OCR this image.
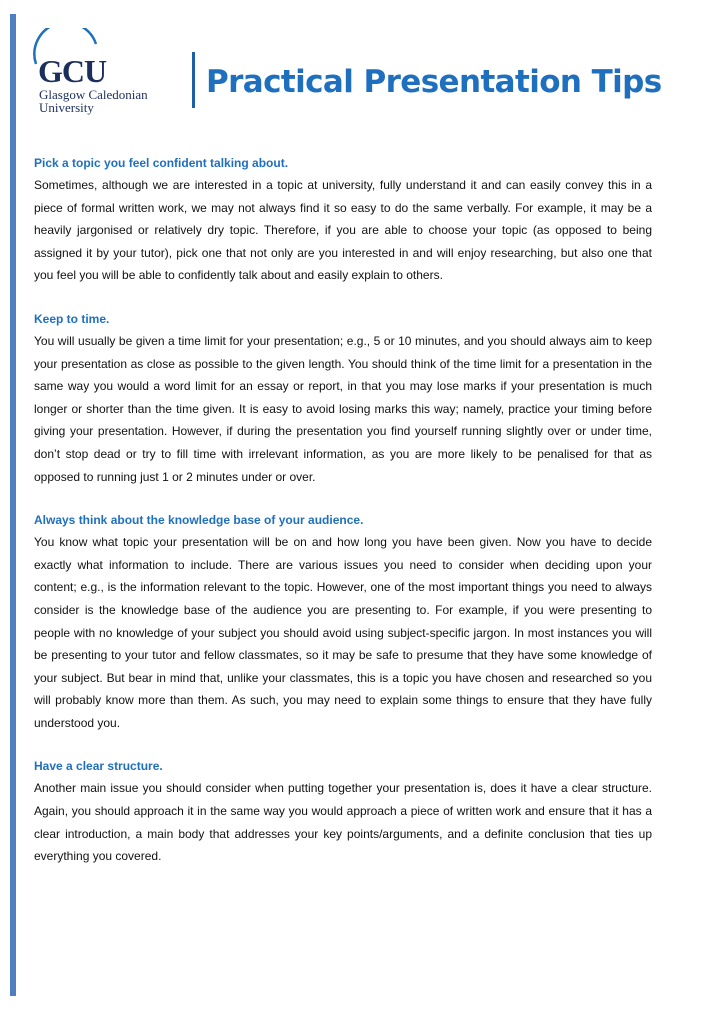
GCU
Glasgow Caledonian
University
Practical Presentation Tips

Pick a topic you feel confident talking about.

Sometimes, although we are interested in a topic at university, fully understand it and can easily convey this in a piece of formal written work, we may not always find it so easy to do the same verbally. For example, it may be a heavily jargonised or relatively dry topic. Therefore, if you are able to choose your topic (as opposed to being assigned it by your tutor), pick one that not only are you interested in and will enjoy researching, but also one that you feel you will be able to confidently talk about and easily explain to others.

Keep to time.

You will usually be given a time limit for your presentation; e.g., 5 or 10 minutes, and you should always aim to keep your presentation as close as possible to the given length. You should think of the time limit for a presentation in the same way you would a word limit for an essay or report, in that you may lose marks if your presentation is much longer or shorter than the time given. It is easy to avoid losing marks this way; namely, practice your timing before giving your presentation. However, if during the presentation you find yourself running slightly over or under time, don’t stop dead or try to fill time with irrelevant information, as you are more likely to be penalised for that as opposed to running just 1 or 2 minutes under or over.

Always think about the knowledge base of your audience.

You know what topic your presentation will be on and how long you have been given. Now you have to decide exactly what information to include. There are various issues you need to consider when deciding upon your content; e.g., is the information relevant to the topic. However, one of the most important things you need to always consider is the knowledge base of the audience you are presenting to. For example, if you were presenting to people with no knowledge of your subject you should avoid using subject-specific jargon. In most instances you will be presenting to your tutor and fellow classmates, so it may be safe to presume that they have some knowledge of your subject. But bear in mind that, unlike your classmates, this is a topic you have chosen and researched so you will probably know more than them. As such, you may need to explain some things to ensure that they have fully understood you.

Have a clear structure.

Another main issue you should consider when putting together your presentation is, does it have a clear structure. Again, you should approach it in the same way you would approach a piece of written work and ensure that it has a clear introduction, a main body that addresses your key points/arguments, and a definite conclusion that ties up everything you covered.
